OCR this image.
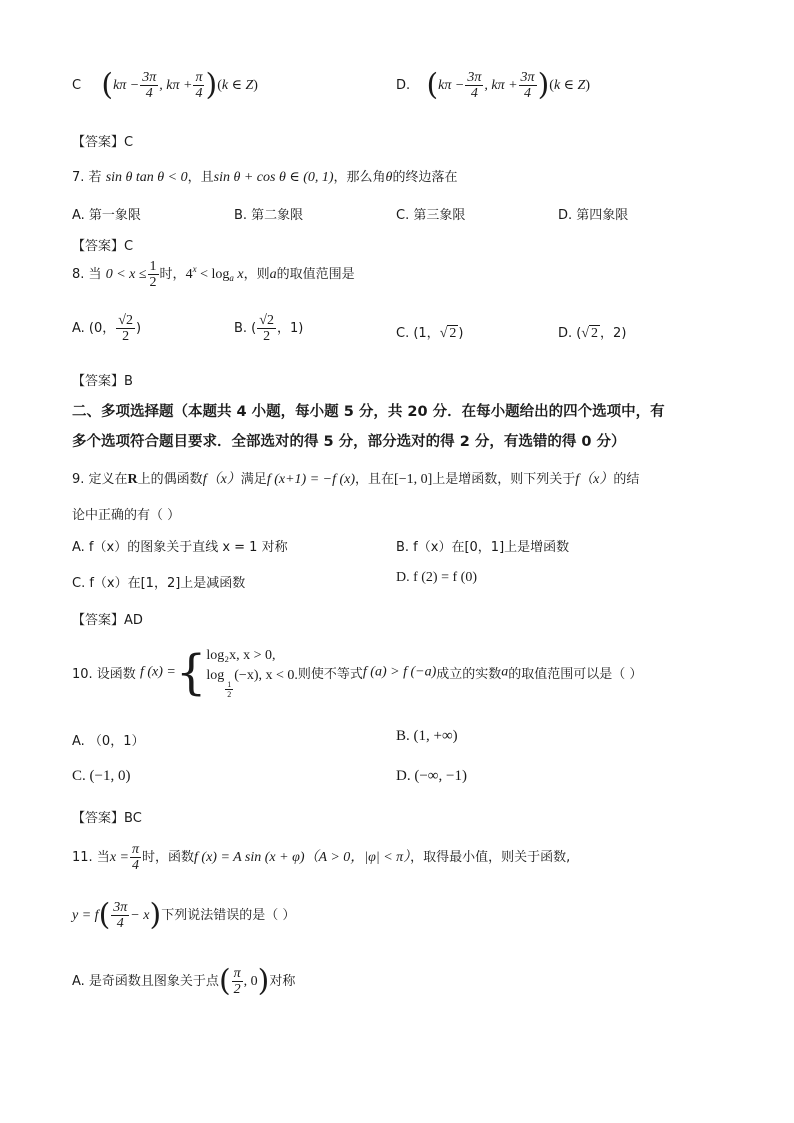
C ($k\pi - \frac{3\pi}{4}$ , $k\pi + \frac{\pi}{4} )(k$ ∈ Z)	D. ($k\pi - \frac{3\pi}{4}$ , $k\pi + \frac{3\pi}{4} )(k$ ∈ Z)
【答案】C
7. 若 sin θ tan θ < 0，且sin θ + cos θ ∈ (0, 1)，那么角θ的终边落在
A. 第一象限	B. 第二象限	C. 第三象限	D. 第四象限
【答案】C
8. 当 $0 < x \le \frac{1}{2}$ 时，$4^x < \log_a x$，则a的取值范围是
A. (0， $\frac{√2}{2}$ )	B. ( $\frac{√2}{2}$ ，1)	C. (1，√ 2 )	D. (√ 2 ，2)
【答案】B
二、多项选择题（本题共 4 小题，每小题 5 分，共 20 分．在每小题给出的四个选项中，有
多个选项符合题目要求．全部选对的得 5 分，部分选对的得 2 分，有选错的得 0 分）
9. 定义在R上的偶函数f（x）满足f (x+1) = −f (x)，且在[−1, 0]上是增函数，则下列关于f（x）的结
论中正确的有（ ）
A. f（x）的图象关于直线 x = 1 对称	B. f（x）在[0，1]上是增函数
C. f（x）在[1，2]上是减函数	D. f (2) = f (0)
【答案】AD
10. 设函数 f (x) ={ log₂x, x > 0,
log
$\frac{1}{2}$
(−x), x < 0. 则使不等式f (a) > f (−a)成立的实数a的取值范围可以是（ ）
A. （0，1）	B. (1, +∞)
C. (−1, 0)	D. (−∞, −1)
【答案】BC
11. 当$x = \frac{\pi}{4}$ 时，函数f (x) = A sin (x + φ)（A > 0，|φ| < π），取得最小值，则关于函数,
$y = f( \frac{3\pi}{4} - x)$下列说法错误的是（ ）
A. 是奇函数且图象关于点( $\frac{\pi}{2}$ , 0)对称
